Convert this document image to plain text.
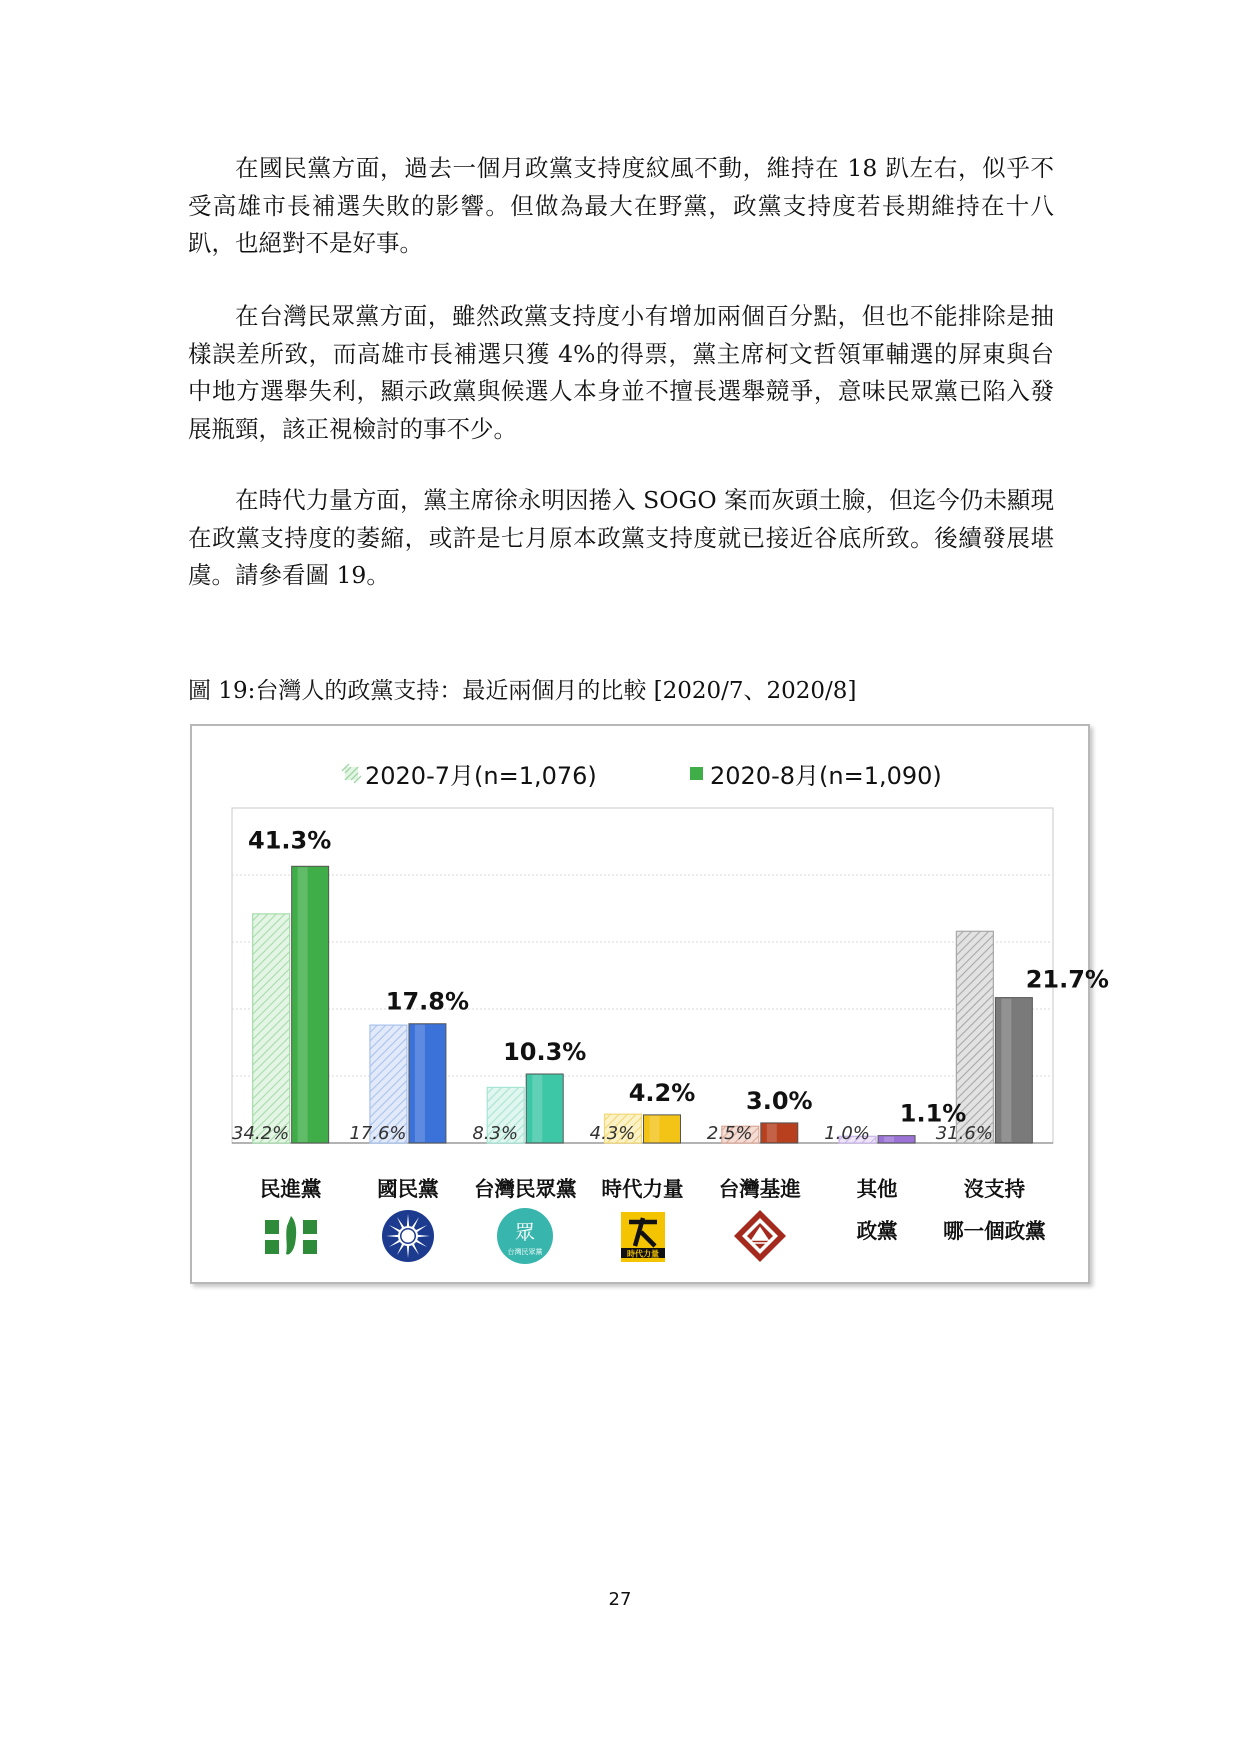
在國民黨方面，過去一個月政黨支持度紋風不動，維持在 18 趴左右，似乎不受高雄市長補選失敗的影響。但做為最大在野黨，政黨支持度若長期維持在十八趴，也絕對不是好事。

在台灣民眾黨方面，雖然政黨支持度小有增加兩個百分點，但也不能排除是抽樣誤差所致，而高雄市長補選只獲 4%的得票，黨主席柯文哲領軍輔選的屏東與台中地方選舉失利，顯示政黨與候選人本身並不擅長選舉競爭，意味民眾黨已陷入發展瓶頸，該正視檢討的事不少。

在時代力量方面，黨主席徐永明因捲入 SOGO 案而灰頭土臉，但迄今仍未顯現在政黨支持度的萎縮，或許是七月原本政黨支持度就已接近谷底所致。後續發展堪虞。請參看圖 19。

圖 19:台灣人的政黨支持：最近兩個月的比較 [2020/7、2020/8]
34.2%
41.3%
17.6%
17.8%
8.3%
10.3%
4.3%
4.2%
2.5%
3.0%
1.0%
1.1%
31.6%
21.7%
2020-7月(n=1,076)	2020-8月(n=1,090)
民進黨	國民黨 台灣民眾黨
眾
台灣民眾黨
時代力量
時代力量
台灣基進	其他
政黨
沒支持
哪一個政黨
27
